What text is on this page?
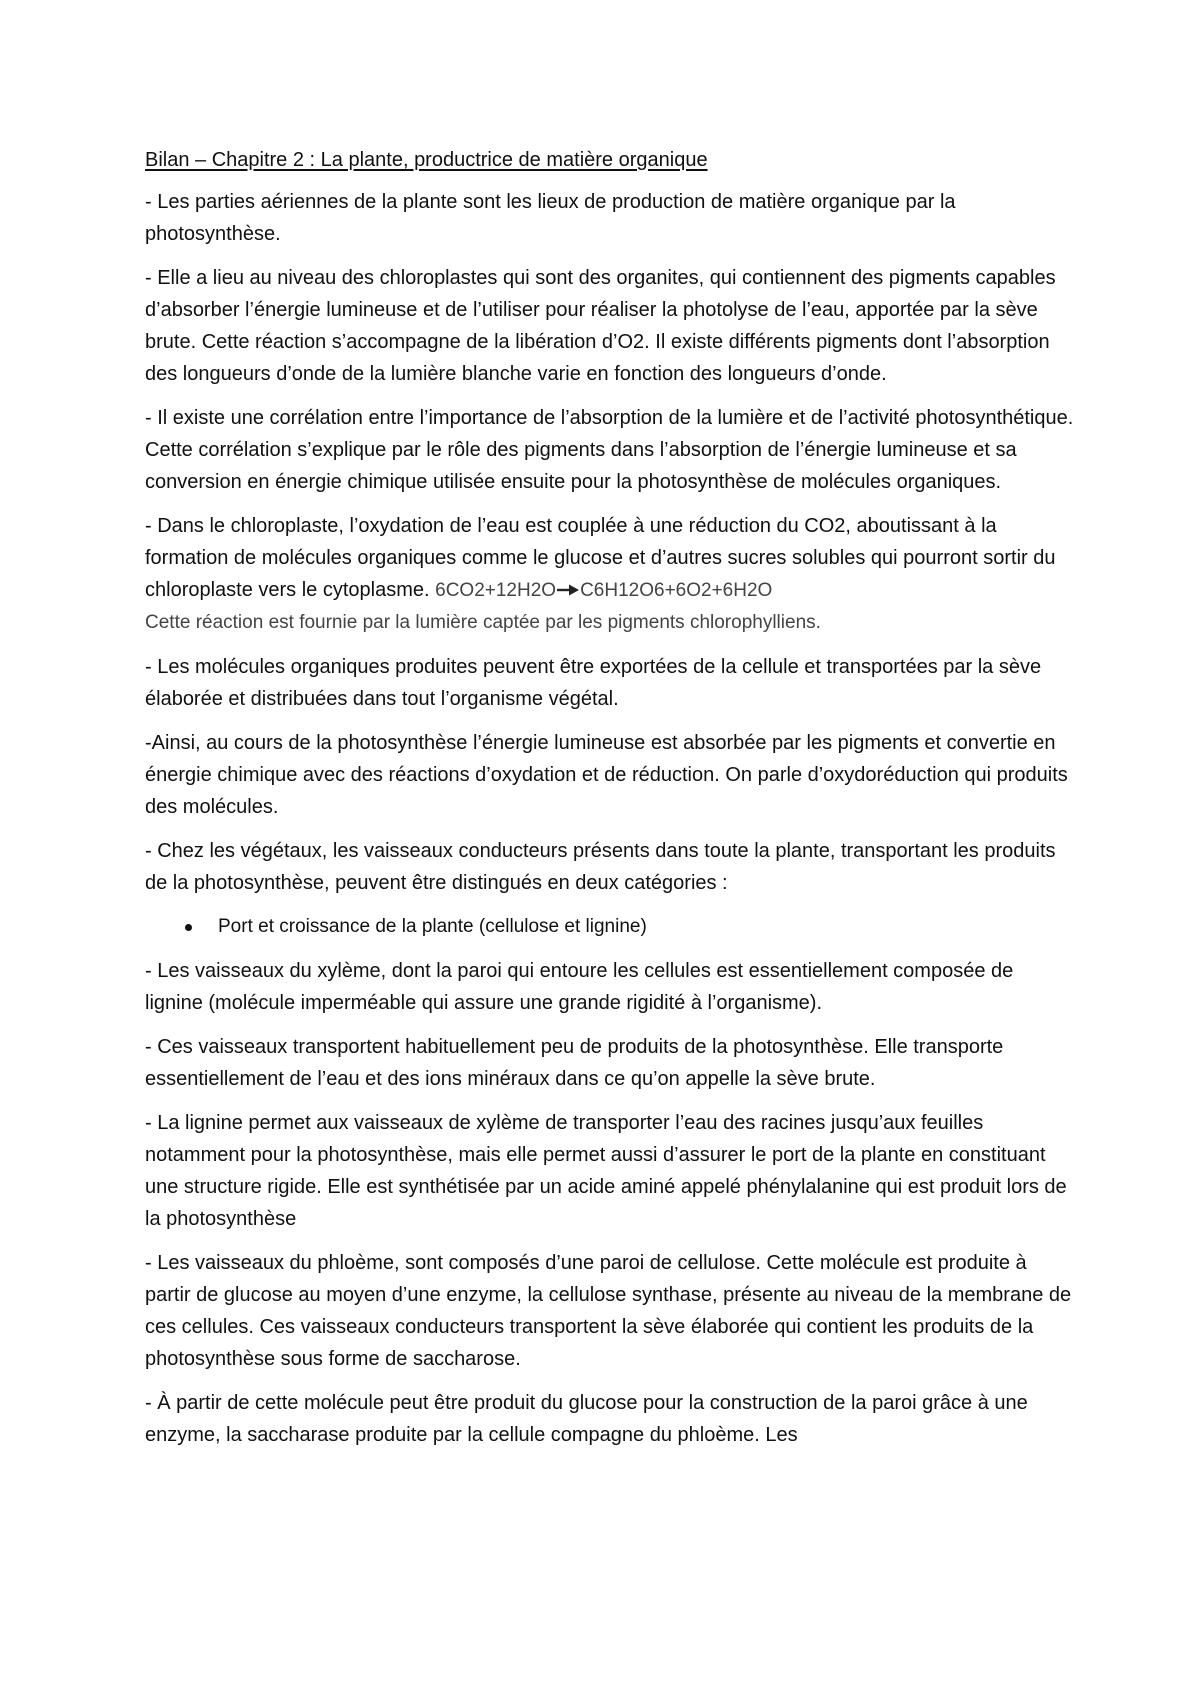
Bilan – Chapitre 2 : La plante, productrice de matière organique

- Les parties aériennes de la plante sont les lieux de production de matière organique par la photosynthèse.

- Elle a lieu au niveau des chloroplastes qui sont des organites, qui contiennent des pigments capables d’absorber l’énergie lumineuse et de l’utiliser pour réaliser la photolyse de l’eau, apportée par la sève brute. Cette réaction s’accompagne de la libération d’O2. Il existe différents pigments dont l’absorption des longueurs d’onde de la lumière blanche varie en fonction des longueurs d’onde.

- Il existe une corrélation entre l’importance de l’absorption de la lumière et de l’activité photosynthétique. Cette corrélation s’explique par le rôle des pigments dans l’absorption de l’énergie lumineuse et sa conversion en énergie chimique utilisée ensuite pour la photosynthèse de molécules organiques.

- Dans le chloroplaste, l’oxydation de l’eau est couplée à une réduction du CO2, aboutissant à la formation de molécules organiques comme le glucose et d’autres sucres solubles qui pourront sortir du chloroplaste vers le cytoplasme. 6CO2+12H2O C6H12O6+6O2+6H2O
Cette réaction est fournie par la lumière captée par les pigments chlorophylliens.

- Les molécules organiques produites peuvent être exportées de la cellule et transportées par la sève élaborée et distribuées dans tout l’organisme végétal.

-Ainsi, au cours de la photosynthèse l’énergie lumineuse est absorbée par les pigments et convertie en énergie chimique avec des réactions d’oxydation et de réduction. On parle d’oxydoréduction qui produits des molécules.

- Chez les végétaux, les vaisseaux conducteurs présents dans toute la plante, transportant les produits de la photosynthèse, peuvent être distingués en deux catégories :

Port et croissance de la plante (cellulose et lignine)

- Les vaisseaux du xylème, dont la paroi qui entoure les cellules est essentiellement composée de lignine (molécule imperméable qui assure une grande rigidité à l’organisme).

- Ces vaisseaux transportent habituellement peu de produits de la photosynthèse. Elle transporte essentiellement de l’eau et des ions minéraux dans ce qu’on appelle la sève brute.

- La lignine permet aux vaisseaux de xylème de transporter l’eau des racines jusqu’aux feuilles notamment pour la photosynthèse, mais elle permet aussi d’assurer le port de la plante en constituant une structure rigide. Elle est synthétisée par un acide aminé appelé phénylalanine qui est produit lors de la photosynthèse

- Les vaisseaux du phloème, sont composés d’une paroi de cellulose. Cette molécule est produite à partir de glucose au moyen d’une enzyme, la cellulose synthase, présente au niveau de la membrane de ces cellules. Ces vaisseaux conducteurs transportent la sève élaborée qui contient les produits de la photosynthèse sous forme de saccharose.

- À partir de cette molécule peut être produit du glucose pour la construction de la paroi grâce à une enzyme, la saccharase produite par la cellule compagne du phloème. Les
